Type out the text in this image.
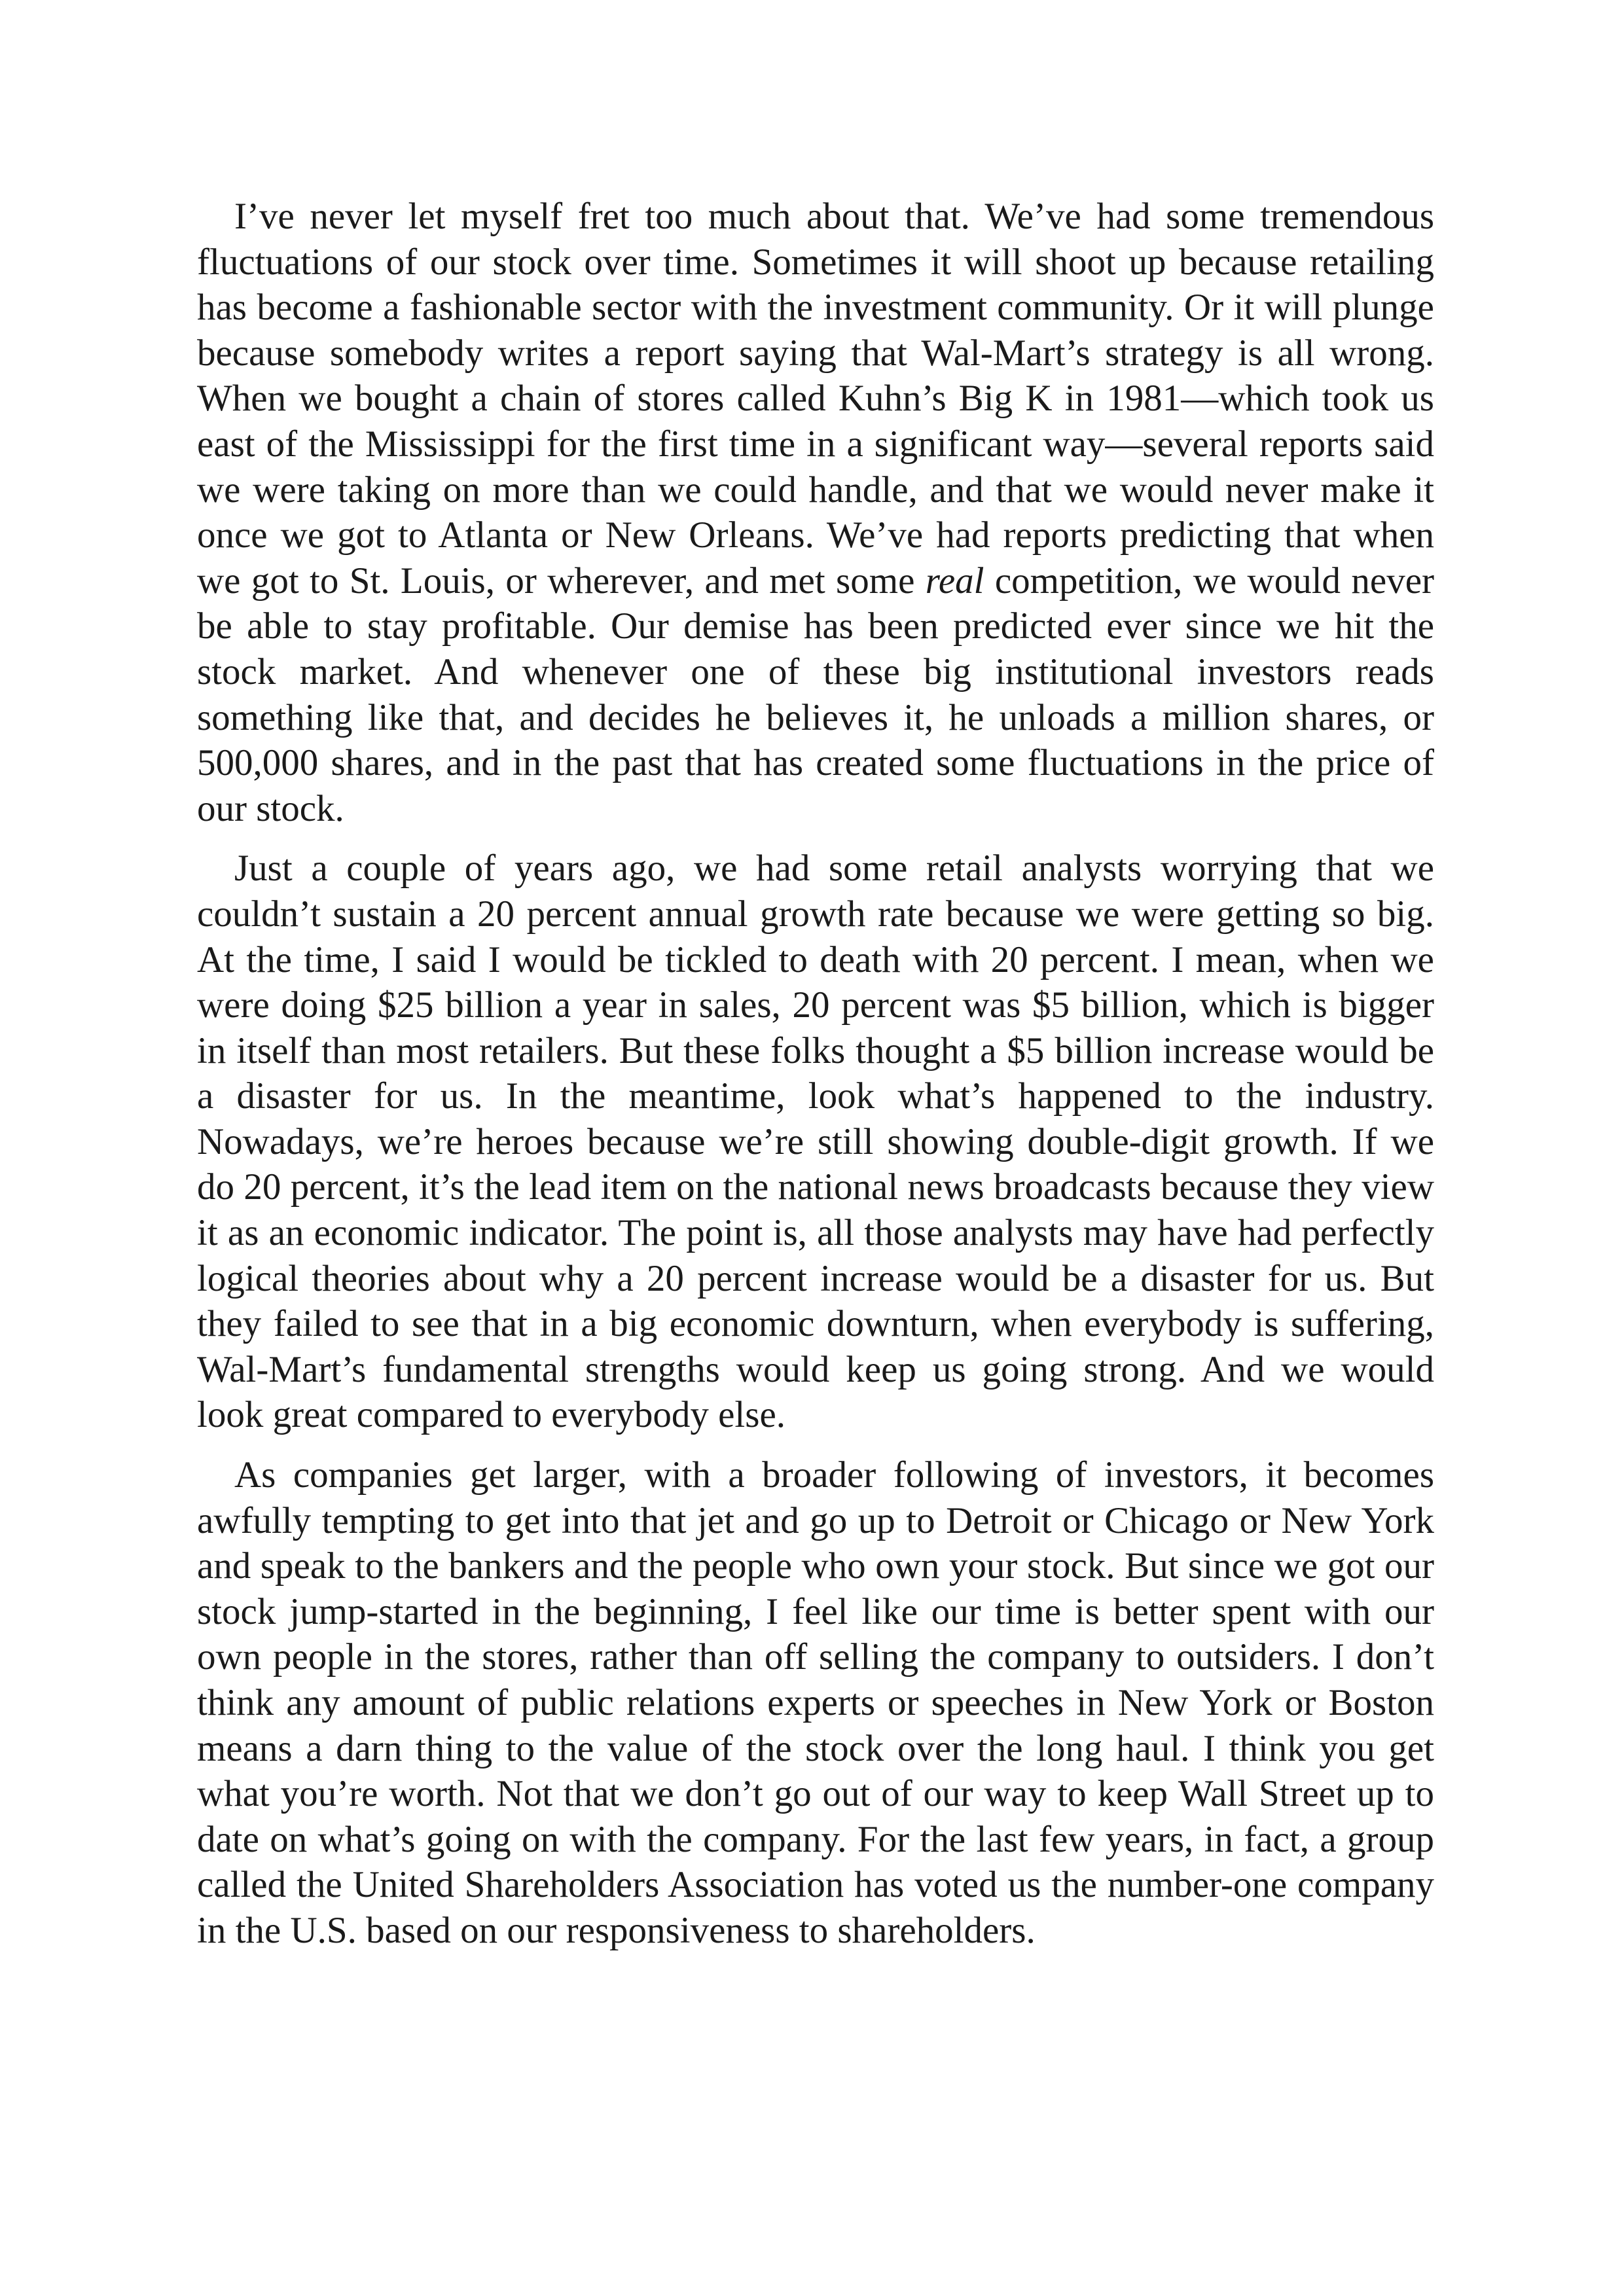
I’ve never let myself fret too much about that. We’ve had some tremendous fluctuations of our stock over time. Sometimes it will shoot up because retailing has become a fashionable sector with the investment community. Or it will plunge because somebody writes a report saying that Wal-Mart’s strategy is all wrong. When we bought a chain of stores called Kuhn’s Big K in 1981—which took us east of the Mississippi for the first time in a significant way—several reports said we were taking on more than we could handle, and that we would never make it once we got to Atlanta or New Orleans. We’ve had reports predicting that when we got to St. Louis, or wherever, and met some real competition, we would never be able to stay profitable. Our demise has been predicted ever since we hit the stock market. And whenever one of these big institutional investors reads something like that, and decides he believes it, he unloads a million shares, or 500,000 shares, and in the past that has created some fluctuations in the price of our stock.

Just a couple of years ago, we had some retail analysts worrying that we couldn’t sustain a 20 percent annual growth rate because we were getting so big. At the time, I said I would be tickled to death with 20 percent. I mean, when we were doing $25 billion a year in sales, 20 percent was $5 billion, which is bigger in itself than most retailers. But these folks thought a $5 billion increase would be a disaster for us. In the meantime, look what’s happened to the industry. Nowadays, we’re heroes because we’re still showing double-digit growth. If we do 20 percent, it’s the lead item on the national news broadcasts because they view it as an economic indicator. The point is, all those analysts may have had perfectly logical theories about why a 20 percent increase would be a disaster for us. But they failed to see that in a big economic downturn, when everybody is suffering, Wal-Mart’s fundamental strengths would keep us going strong. And we would look great compared to everybody else.

As companies get larger, with a broader following of investors, it becomes awfully tempting to get into that jet and go up to Detroit or Chicago or New York and speak to the bankers and the people who own your stock. But since we got our stock jump-started in the beginning, I feel like our time is better spent with our own people in the stores, rather than off selling the company to outsiders. I don’t think any amount of public relations experts or speeches in New York or Boston means a darn thing to the value of the stock over the long haul. I think you get what you’re worth. Not that we don’t go out of our way to keep Wall Street up to date on what’s going on with the company. For the last few years, in fact, a group called the United Shareholders Association has voted us the number-one company in the U.S. based on our responsiveness to shareholders.
